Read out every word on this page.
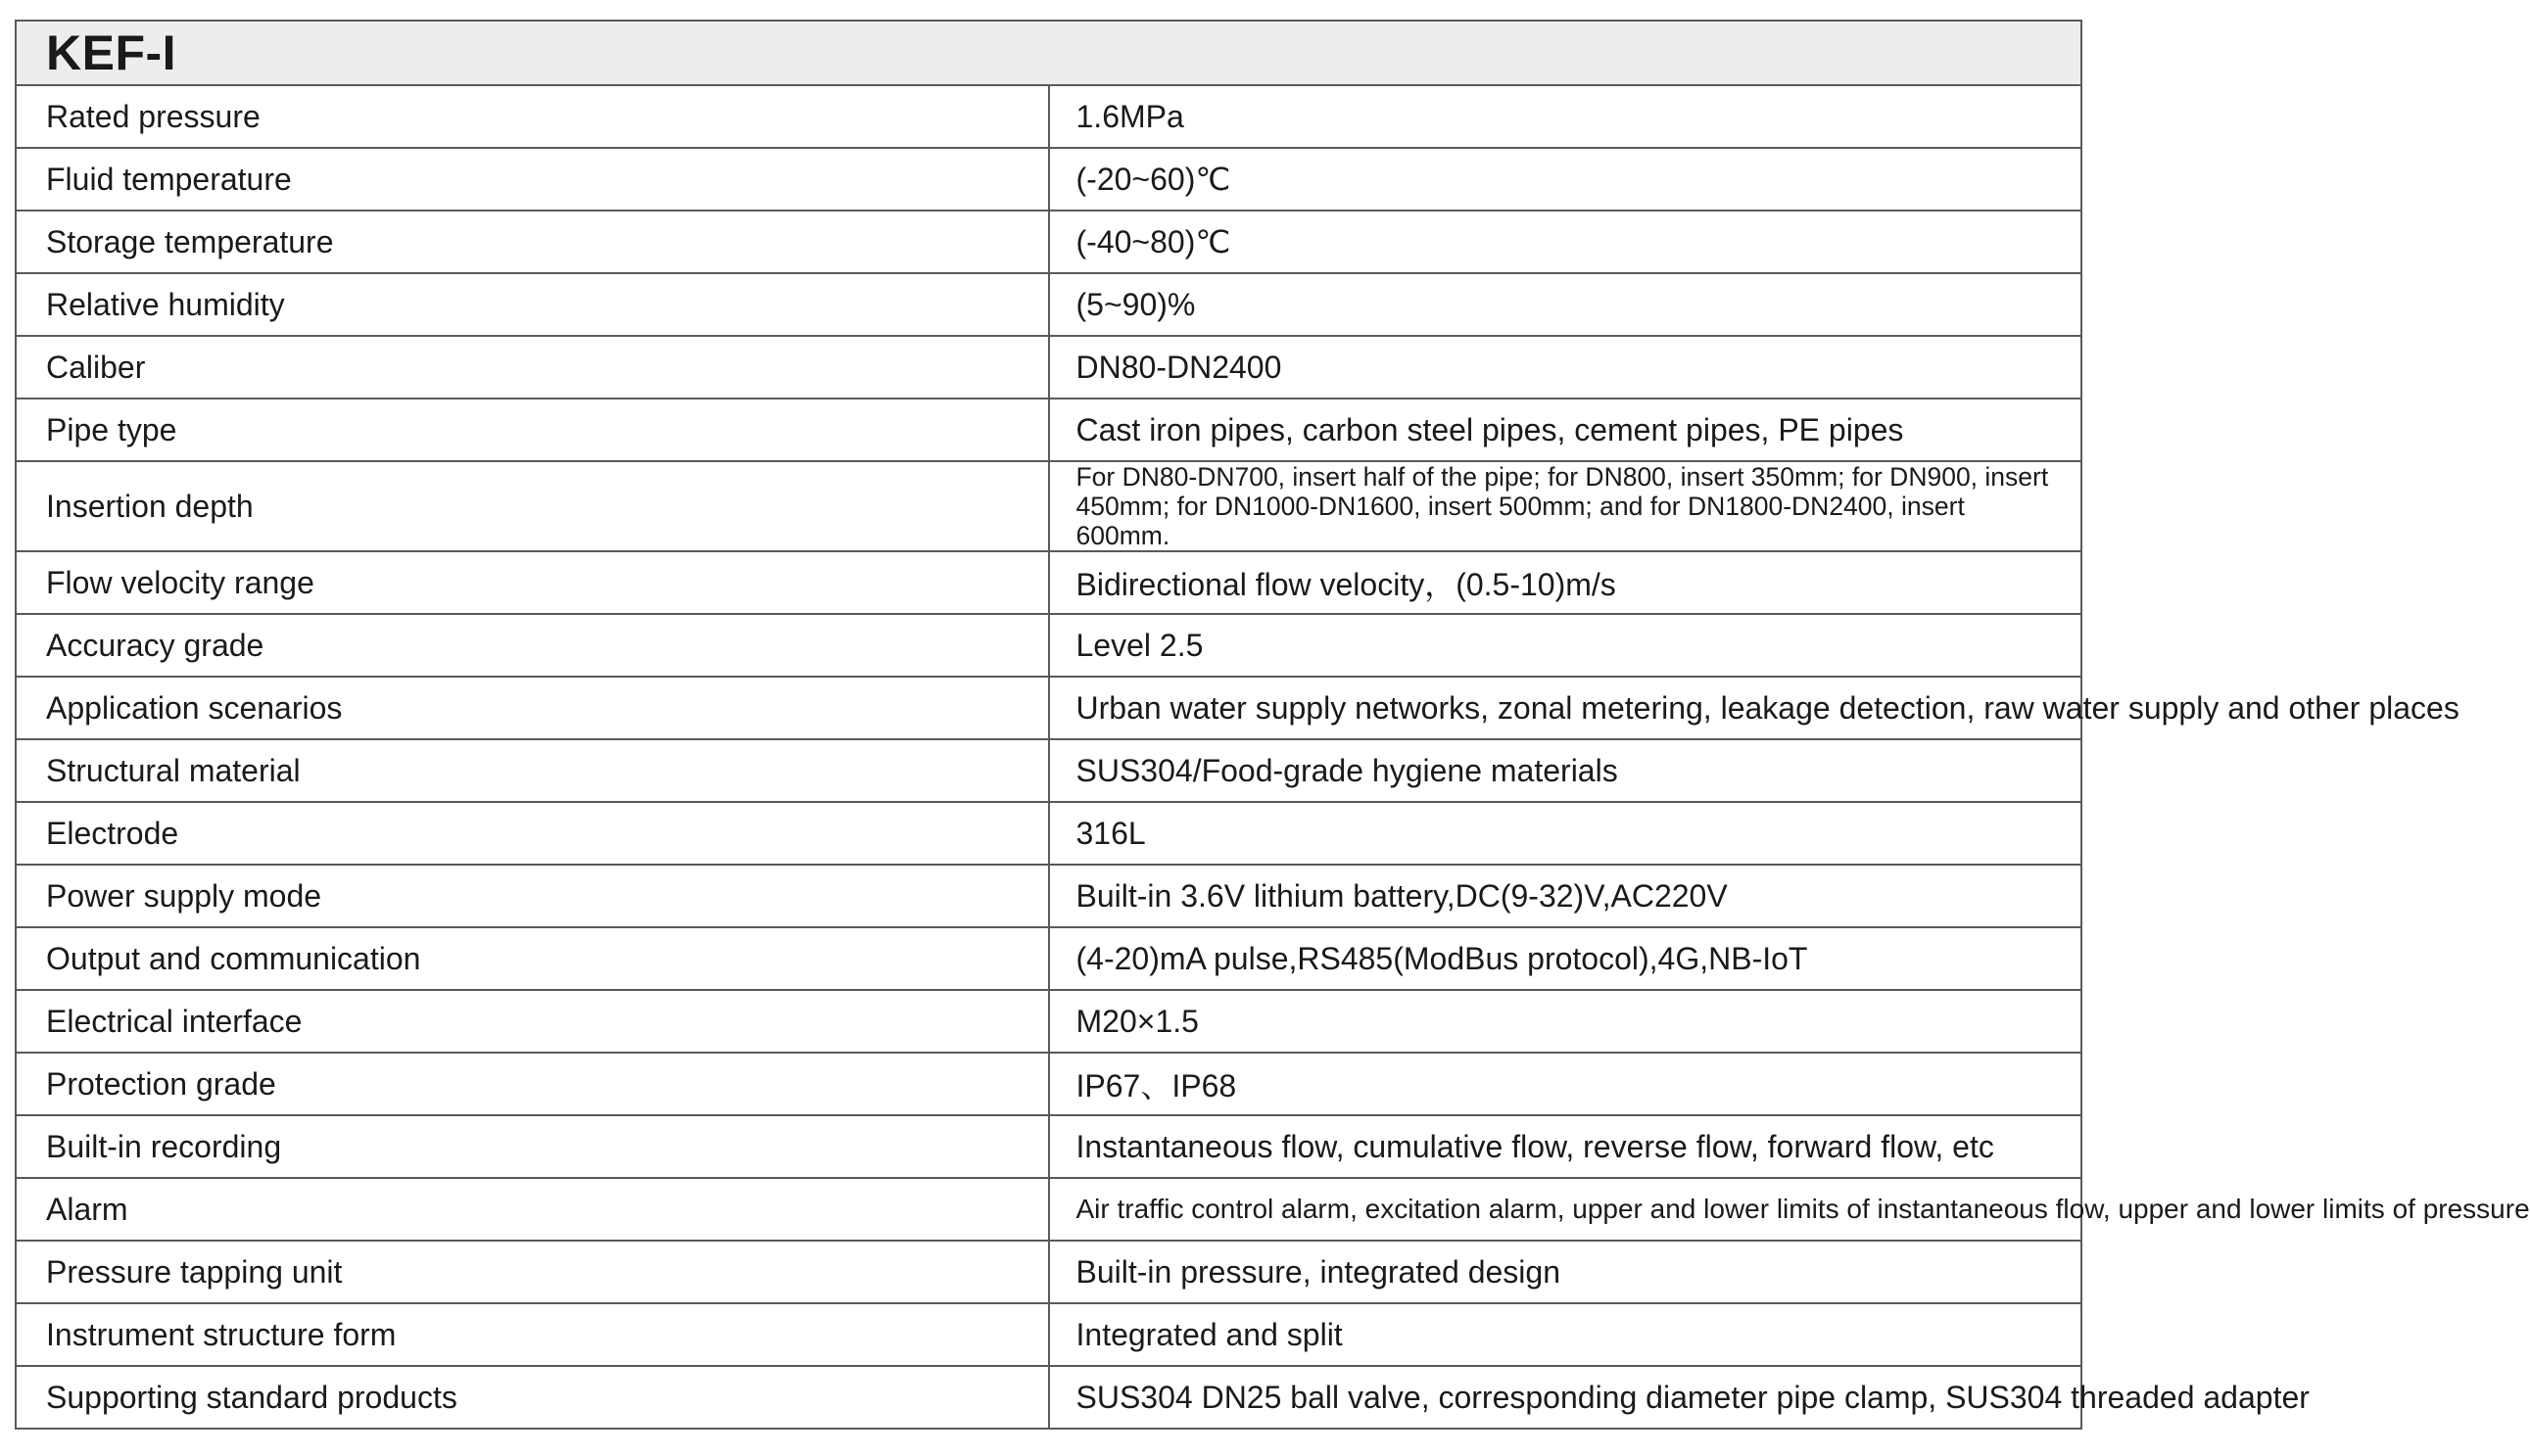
KEF-I	
Rated pressure	1.6MPa
Fluid temperature	(-20~60)℃
Storage temperature	(-40~80)℃
Relative humidity	(5~90)%
Caliber	DN80-DN2400
Pipe type	Cast iron pipes, carbon steel pipes, cement pipes, PE pipes
Insertion depth	For DN80-DN700, insert half of the pipe; for DN800, insert 350mm; for DN900, insert 450mm; for DN1000-DN1600, insert 500mm; and for DN1800-DN2400, insert 600mm.
Flow velocity range	Bidirectional flow velocity，(0.5-10)m/s
Accuracy grade	Level 2.5
Application scenarios	Urban water supply networks, zonal metering, leakage detection, raw water supply and other places
Structural material	SUS304/Food-grade hygiene materials
Electrode	316L
Power supply mode	Built-in 3.6V lithium battery,DC(9-32)V,AC220V
Output and communication	(4-20)mA pulse,RS485(ModBus protocol),4G,NB-IoT
Electrical interface	M20×1.5
Protection grade	IP67、IP68
Built-in recording	Instantaneous flow, cumulative flow, reverse flow, forward flow, etc
Alarm	Air traffic control alarm, excitation alarm, upper and lower limits of instantaneous flow, upper and lower limits of pressure
Pressure tapping unit	Built-in pressure, integrated design
Instrument structure form	Integrated and split
Supporting standard products	SUS304 DN25 ball valve, corresponding diameter pipe clamp, SUS304 threaded adapter
